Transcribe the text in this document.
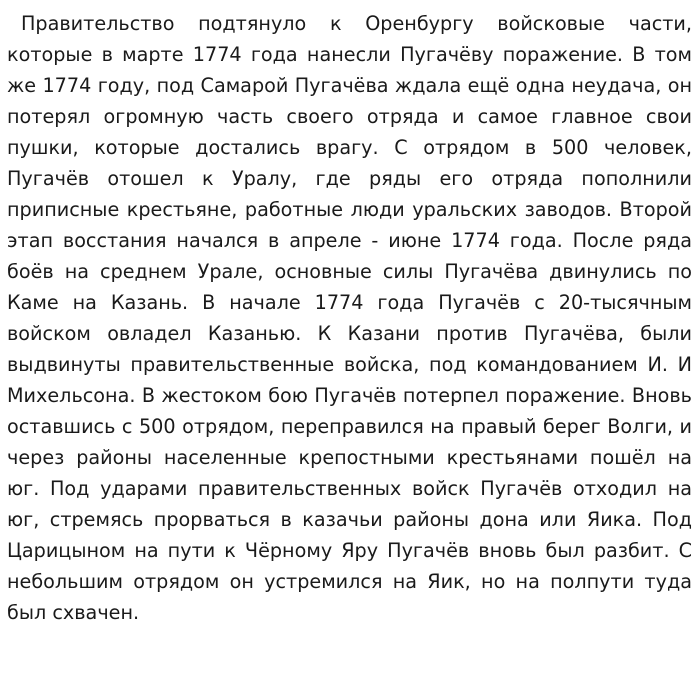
Правительство подтянуло к Оренбургу войсковые части, которые в марте 1774 года нанесли Пугачёву поражение. В том же 1774 году, под Самарой Пугачёва ждала ещё одна неудача, он потерял огромную часть своего отряда и самое главное свои пушки, которые достались врагу. С отрядом в 500 человек, Пугачёв отошел к Уралу, где ряды его отряда пополнили приписные крестьяне, работные люди уральских заводов. Второй этап восстания начался в апреле - июне 1774 года. После ряда боёв на среднем Урале, основные силы Пугачёва двинулись по Каме на Казань. В начале 1774 года Пугачёв с 20-тысячным войском овладел Казанью. К Казани против Пугачёва, были выдвинуты правительственные войска, под командованием И. И Михельсона. В жестоком бою Пугачёв потерпел поражение. Вновь оставшись с 500 отрядом, переправился на правый берег Волги, и через районы населенные крепостными крестьянами пошёл на юг. Под ударами правительственных войск Пугачёв отходил на юг, стремясь прорваться в казачьи районы дона или Яика. Под Царицыном на пути к Чёрному Яру Пугачёв вновь был разбит. С небольшим отрядом он устремился на Яик, но на полпути туда был схвачен.
